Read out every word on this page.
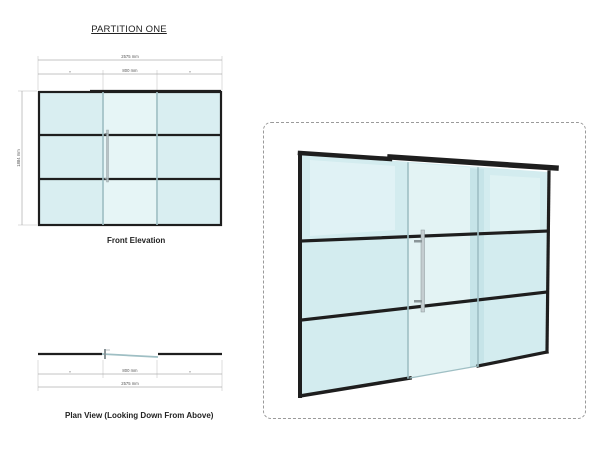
PARTITION ONE
2575 mm
800 mm
«	«
1884 mm
Front Elevation
800 mm
«	«
2575 mm
Plan View (Looking Down From Above)
